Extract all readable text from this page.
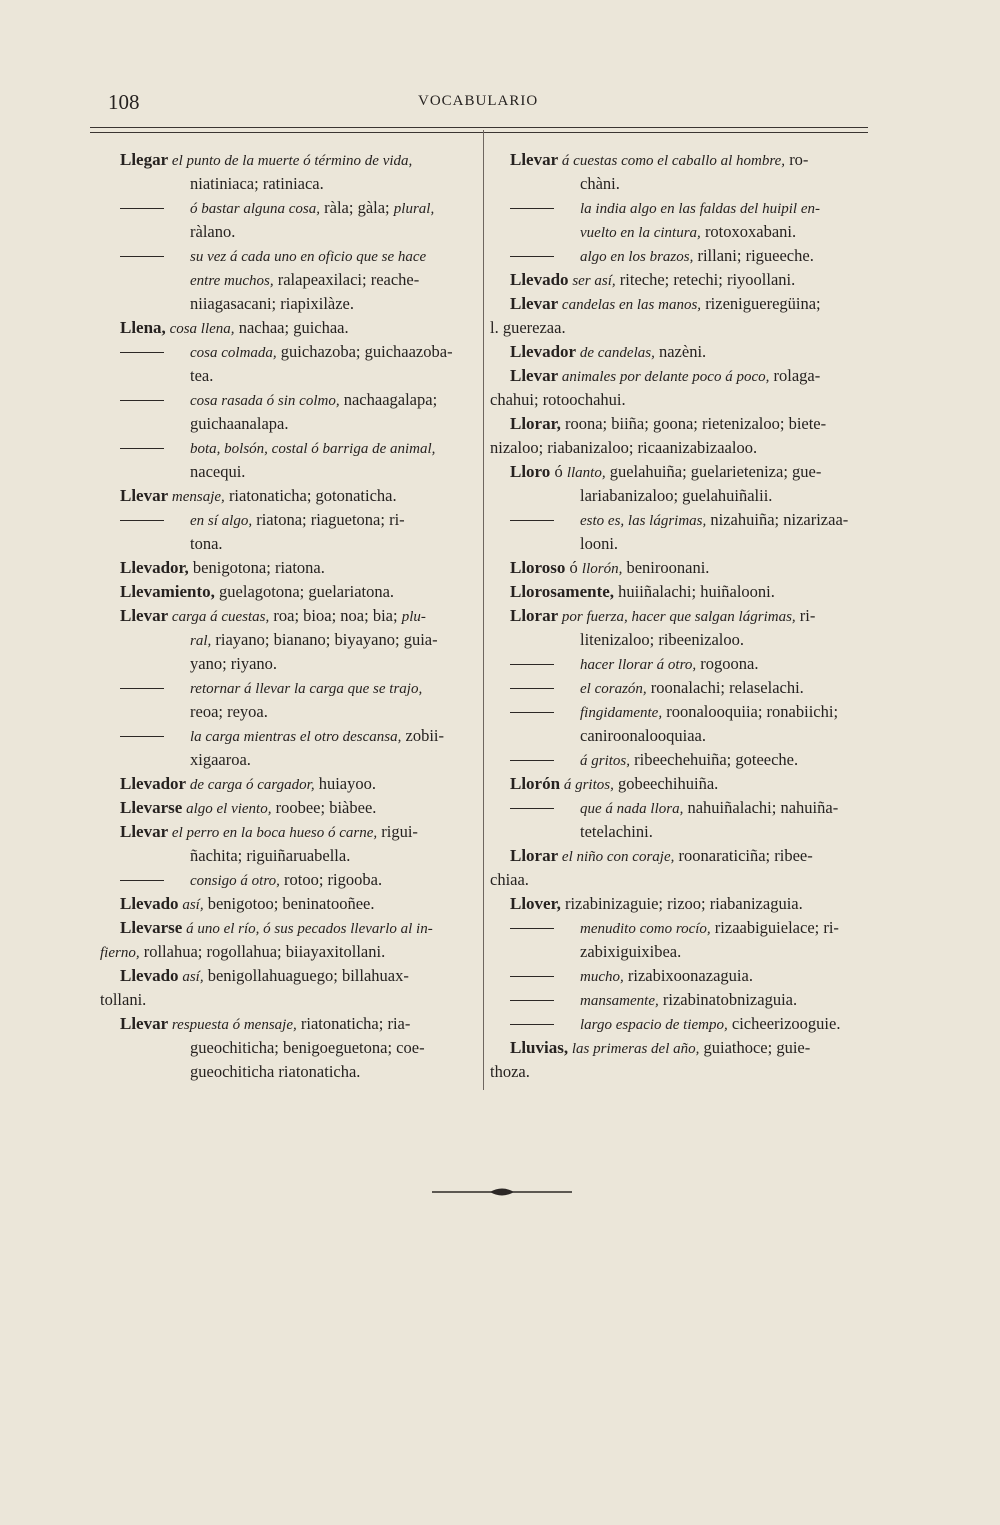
108	VOCABULARIO
Llegar el punto de la muerte ó término de vida,
niatiniaca; ratiniaca.
ó bastar alguna cosa, ràla; gàla; plural,
ràlano.
su vez á cada uno en oficio que se hace
entre muchos, ralapeaxilaci; reache-
niiagasacani; riapixilàze.
Llena, cosa llena, nachaa; guichaa.
cosa colmada, guichazoba; guichaazoba-
tea.
cosa rasada ó sin colmo, nachaagalapa;
guichaanalapa.
bota, bolsón, costal ó barriga de animal,
nacequi.
Llevar mensaje, riatonaticha; gotonaticha.
en sí algo, riatona; riaguetona; ri-
tona.
Llevador, benigotona; riatona.
Llevamiento, guelagotona; guelariatona.
Llevar carga á cuestas, roa; bioa; noa; bia; plu-
ral, riayano; bianano; biyayano; guia-
yano; riyano.
retornar á llevar la carga que se trajo,
reoa; reyoa.
la carga mientras el otro descansa, zobii-
xigaaroa.
Llevador de carga ó cargador, huiayoo.
Llevarse algo el viento, roobee; biàbee.
Llevar el perro en la boca hueso ó carne, rigui-
ñachita; riguiñaruabella.
consigo á otro, rotoo; rigooba.
Llevado así, benigotoo; beninatooñee.
Llevarse á uno el río, ó sus pecados llevarlo al in-
fierno, rollahua; rogollahua; biiayaxitollani.
Llevado así, benigollahuaguego; billahuax-
tollani.
Llevar respuesta ó mensaje, riatonaticha; ria-
gueochiticha; benigoeguetona; coe-
gueochiticha riatonaticha.
Llevar á cuestas como el caballo al hombre, ro-
chàni.
la india algo en las faldas del huipil en-
vuelto en la cintura, rotoxoxabani.
algo en los brazos, rillani; rigueeche.
Llevado ser así, riteche; retechi; riyoollani.
Llevar candelas en las manos, rizenigueregüina;
l. guerezaa.
Llevador de candelas, nazèni.
Llevar animales por delante poco á poco, rolaga-
chahui; rotoochahui.
Llorar, roona; biiña; goona; rietenizaloo; biete-
nizaloo; riabanizaloo; ricaanizabizaaloo.
Lloro ó llanto, guelahuiña; guelarieteniza; gue-
lariabanizaloo; guelahuiñalii.
esto es, las lágrimas, nizahuiña; nizarizaa-
looni.
Lloroso ó llorón, beniroonani.
Llorosamente, huiiñalachi; huiñalooni.
Llorar por fuerza, hacer que salgan lágrimas, ri-
litenizaloo; ribeenizaloo.
hacer llorar á otro, rogoona.
el corazón, roonalachi; relaselachi.
fingidamente, roonalooquiia; ronabiichi;
caniroonalooquiaa.
á gritos, ribeechehuiña; goteeche.
Llorón á gritos, gobeechihuiña.
que á nada llora, nahuiñalachi; nahuiña-
tetelachini.
Llorar el niño con coraje, roonaraticiña; ribee-
chiaa.
Llover, rizabinizaguie; rizoo; riabanizaguia.
menudito como rocío, rizaabiguielace; ri-
zabixiguixibea.
mucho, rizabixoonazaguia.
mansamente, rizabinatobnizaguia.
largo espacio de tiempo, cicheerizooguie.
Lluvias, las primeras del año, guiathoce; guie-
thoza.
